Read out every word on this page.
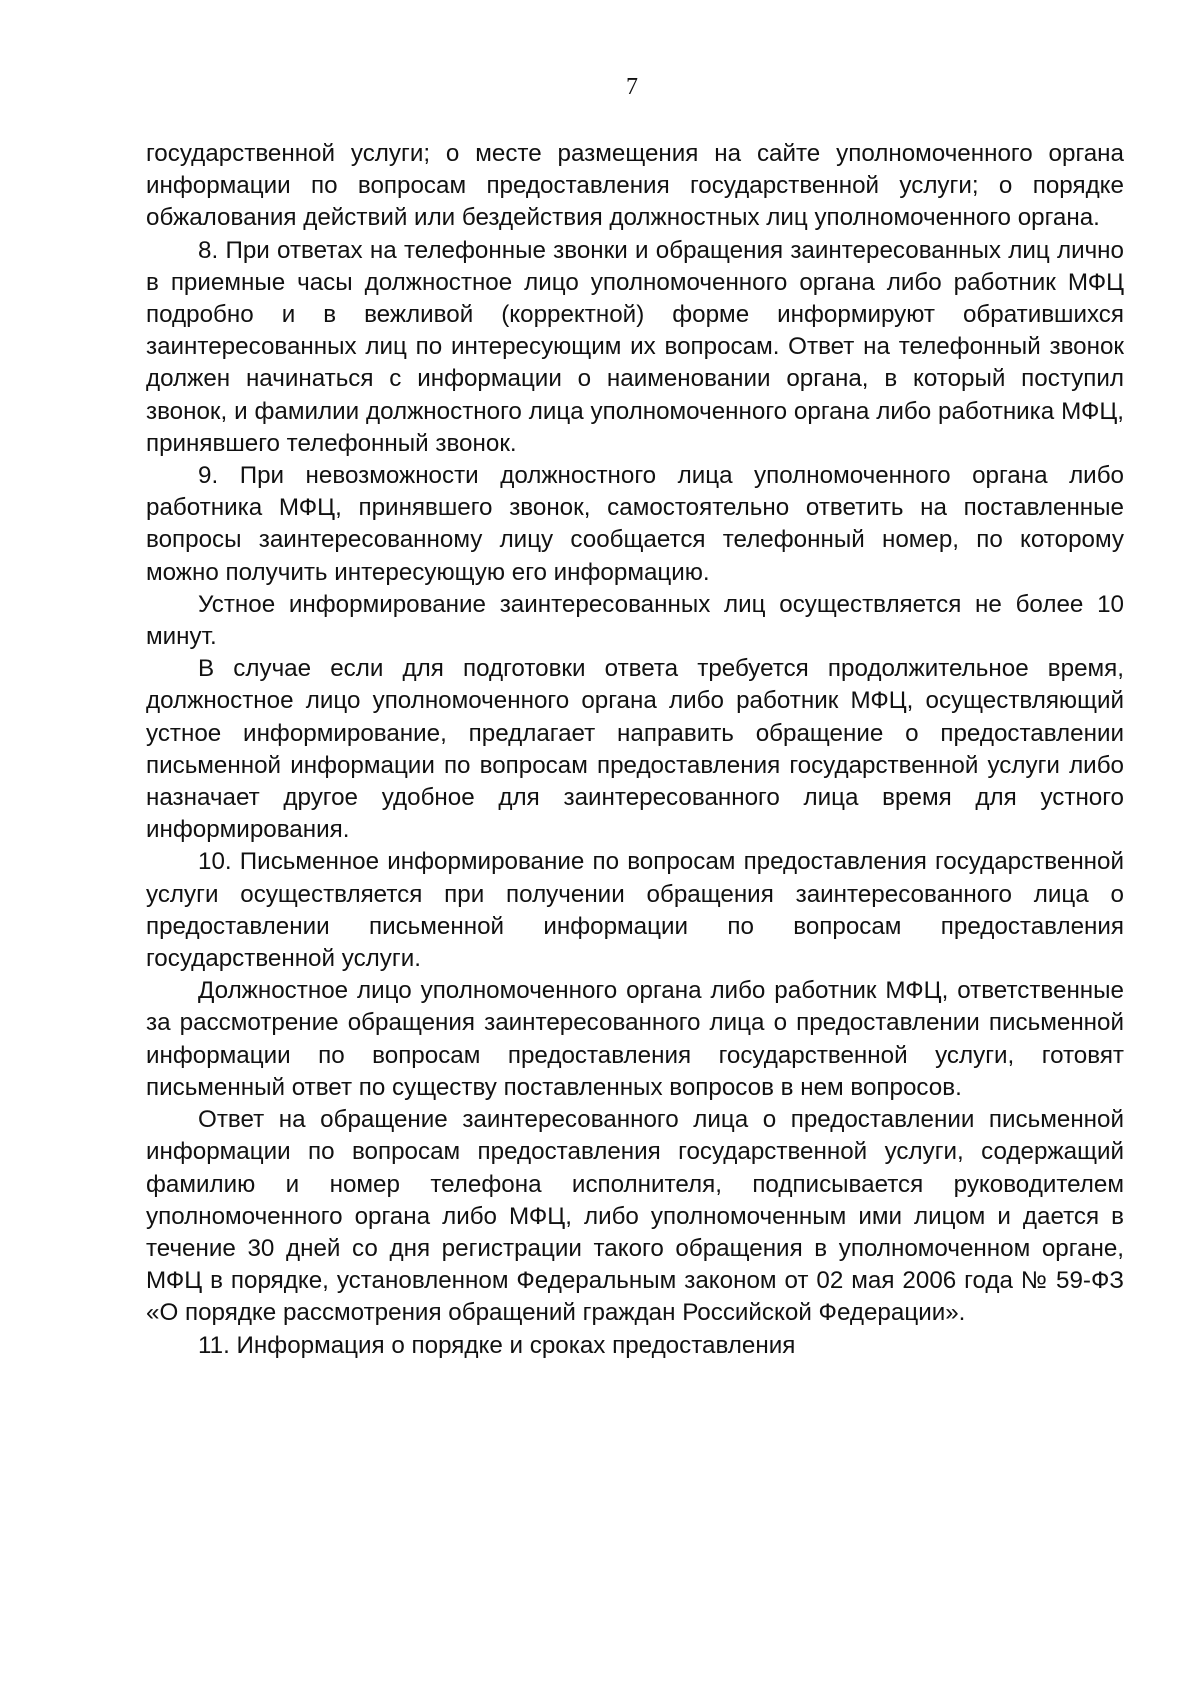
7

государственной услуги; о месте размещения на сайте уполномоченного органа информации по вопросам предоставления государственной услуги; о порядке обжалования действий или бездействия должностных лиц уполномоченного органа.

8. При ответах на телефонные звонки и обращения заинтересованных лиц лично в приемные часы должностное лицо уполномоченного органа либо работник МФЦ подробно и в вежливой (корректной) форме информируют обратившихся заинтересованных лиц по интересующим их вопросам. Ответ на телефонный звонок должен начинаться с информации о наименовании органа, в который поступил звонок, и фамилии должностного лица уполномоченного органа либо работника МФЦ, принявшего телефонный звонок.

9. При невозможности должностного лица уполномоченного органа либо работника МФЦ, принявшего звонок, самостоятельно ответить на поставленные вопросы заинтересованному лицу сообщается телефонный номер, по которому можно получить интересующую его информацию.

Устное информирование заинтересованных лиц осуществляется не более 10 минут.

В случае если для подготовки ответа требуется продолжительное время, должностное лицо уполномоченного органа либо работник МФЦ, осуществляющий устное информирование, предлагает направить обращение о предоставлении письменной информации по вопросам предоставления государственной услуги либо назначает другое удобное для заинтересованного лица время для устного информирования.

10. Письменное информирование по вопросам предоставления государственной услуги осуществляется при получении обращения заинтересованного лица о предоставлении письменной информации по вопросам предоставления государственной услуги.

Должностное лицо уполномоченного органа либо работник МФЦ, ответственные за рассмотрение обращения заинтересованного лица о предоставлении письменной информации по вопросам предоставления государственной услуги, готовят письменный ответ по существу поставленных вопросов в нем вопросов.

Ответ на обращение заинтересованного лица о предоставлении письменной информации по вопросам предоставления государственной услуги, содержащий фамилию и номер телефона исполнителя, подписывается руководителем уполномоченного органа либо МФЦ, либо уполномоченным ими лицом и дается в течение 30 дней со дня регистрации такого обращения в уполномоченном органе, МФЦ в порядке, установленном Федеральным законом от 02 мая 2006 года № 59-ФЗ «О порядке рассмотрения обращений граждан Российской Федерации».

11. Информация о порядке и сроках предоставления
